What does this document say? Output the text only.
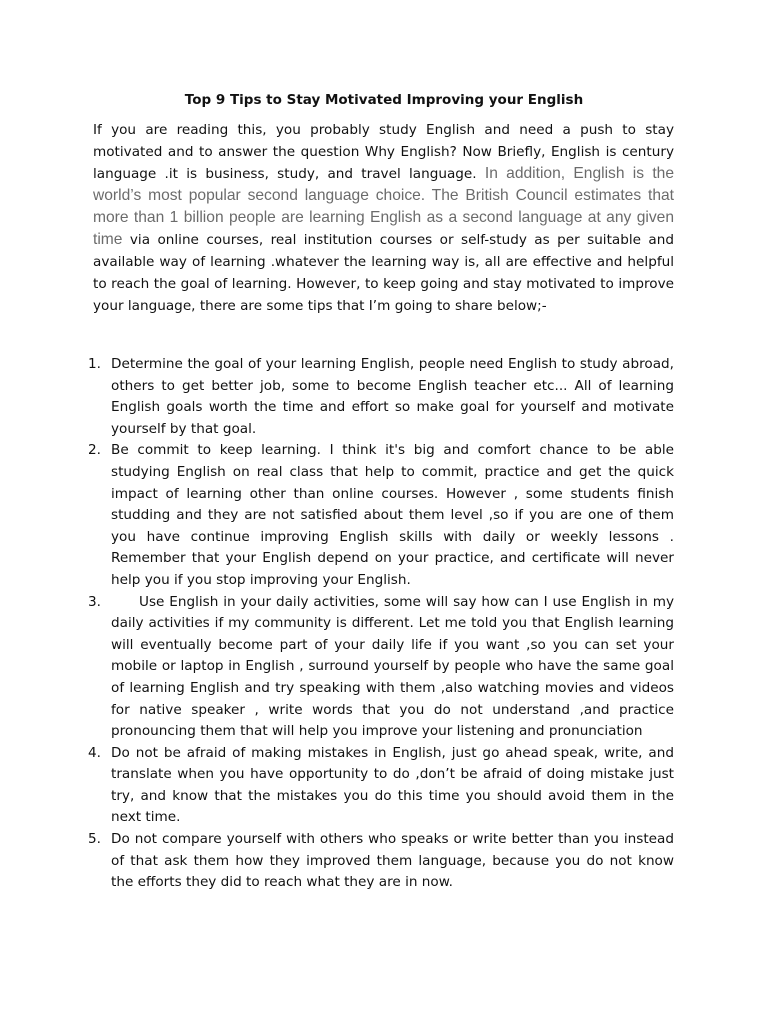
Top 9 Tips to Stay Motivated Improving your English

If you are reading this, you probably study English and need a push to stay motivated and to answer the question Why English? Now Briefly, English is century language .it is business, study, and travel language. In addition, English is the world’s most popular second language choice. The British Council estimates that more than 1 billion people are learning English as a second language at any given time via online courses, real institution courses or self-study as per suitable and available way of learning .whatever the learning way is, all are effective and helpful to reach the goal of learning. However, to keep going and stay motivated to improve your language, there are some tips that I’m going to share below;-

1. Determine the goal of your learning English, people need English to study abroad, others to get better job, some to become English teacher etc... All of learning English goals worth the time and effort so make goal for yourself and motivate yourself by that goal.
2. Be commit to keep learning. I think it's big and comfort chance to be able studying English on real class that help to commit, practice and get the quick impact of learning other than online courses. However , some students finish studding and they are not satisfied about them level ,so if you are one of them you have continue improving English skills with daily or weekly lessons . Remember that your English depend on your practice, and certificate will never help you if you stop improving your English.
3.	Use English in your daily activities, some will say how can I use English in my daily activities if my community is different. Let me told you that English learning will eventually become part of your daily life if you want ,so you can set your mobile or laptop in English , surround yourself by people who have the same goal of learning English and try speaking with them ,also watching movies and videos for native speaker , write words that you do not understand ,and practice pronouncing them that will help you improve your listening and pronunciation
4. Do not be afraid of making mistakes in English, just go ahead speak, write, and translate when you have opportunity to do ,don’t be afraid of doing mistake just try, and know that the mistakes you do this time you should avoid them in the next time.
5. Do not compare yourself with others who speaks or write better than you instead of that ask them how they improved them language, because you do not know the efforts they did to reach what they are in now.
